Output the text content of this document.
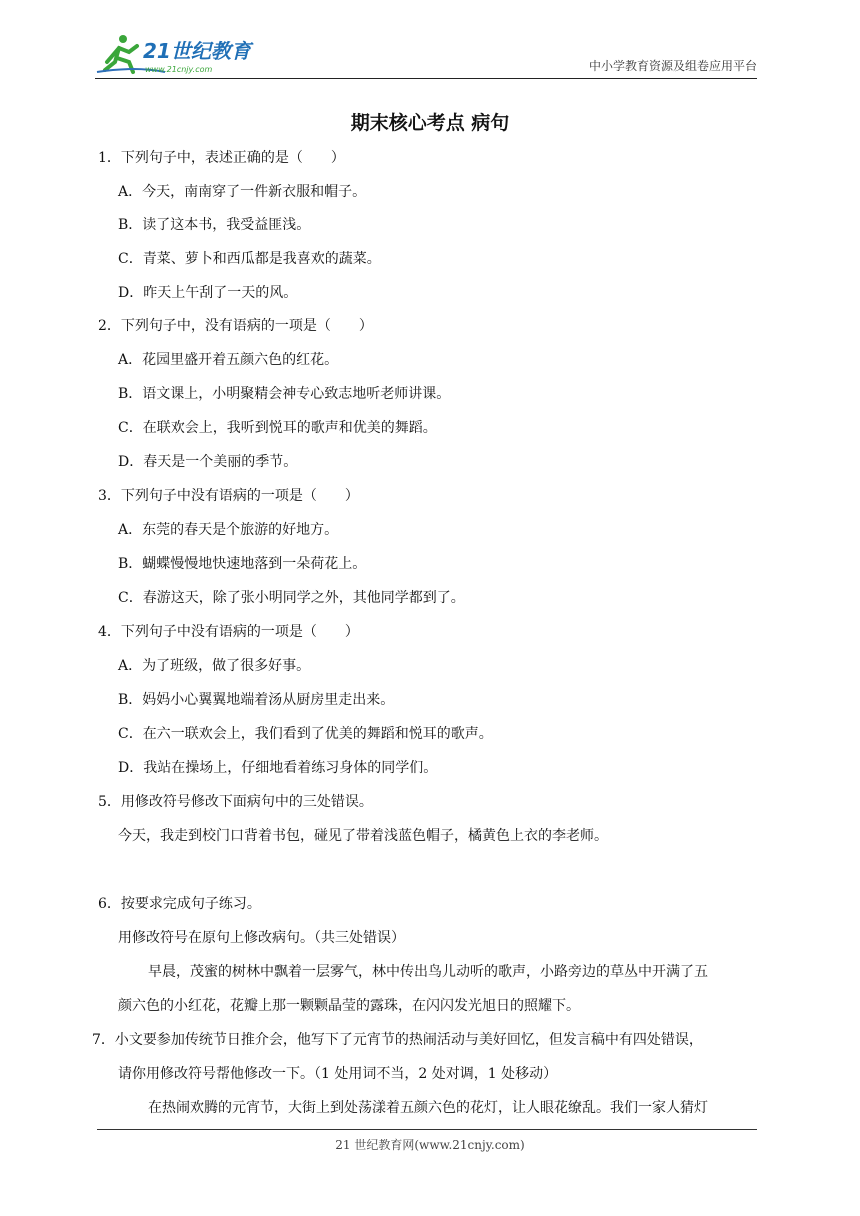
21世纪教育
www.21cnjy.com	中小学教育资源及组卷应用平台
期末核心考点 病句
1．下列句子中，表述正确的是（　　）
A．今天，南南穿了一件新衣服和帽子。
B．读了这本书，我受益匪浅。
C．青菜、萝卜和西瓜都是我喜欢的蔬菜。
D．昨天上午刮了一天的风。
2．下列句子中，没有语病的一项是（　　）
A．花园里盛开着五颜六色的红花。
B．语文课上，小明聚精会神专心致志地听老师讲课。
C．在联欢会上，我听到悦耳的歌声和优美的舞蹈。
D．春天是一个美丽的季节。
3．下列句子中没有语病的一项是（　　）
A．东莞的春天是个旅游的好地方。
B．蝴蝶慢慢地快速地落到一朵荷花上。
C．春游这天，除了张小明同学之外，其他同学都到了。
4．下列句子中没有语病的一项是（　　）
A．为了班级，做了很多好事。
B．妈妈小心翼翼地端着汤从厨房里走出来。
C．在六一联欢会上，我们看到了优美的舞蹈和悦耳的歌声。
D．我站在操场上，仔细地看着练习身体的同学们。
5．用修改符号修改下面病句中的三处错误。
今天，我走到校门口背着书包，碰见了带着浅蓝色帽子，橘黄色上衣的李老师。
6．按要求完成句子练习。
用修改符号在原句上修改病句。（共三处错误）
早晨，茂蜜的树林中飘着一层雾气，林中传出鸟儿动听的歌声，小路旁边的草丛中开满了五
颜六色的小红花，花瓣上那一颗颗晶莹的露珠，在闪闪发光旭日的照耀下。
7．小文要参加传统节日推介会，他写下了元宵节的热闹活动与美好回忆，但发言稿中有四处错误，
请你用修改符号帮他修改一下。（1 处用词不当，2 处对调，1 处移动）
在热闹欢腾的元宵节，大街上到处荡漾着五颜六色的花灯，让人眼花缭乱。我们一家人猜灯
21 世纪教育网(www.21cnjy.com)
